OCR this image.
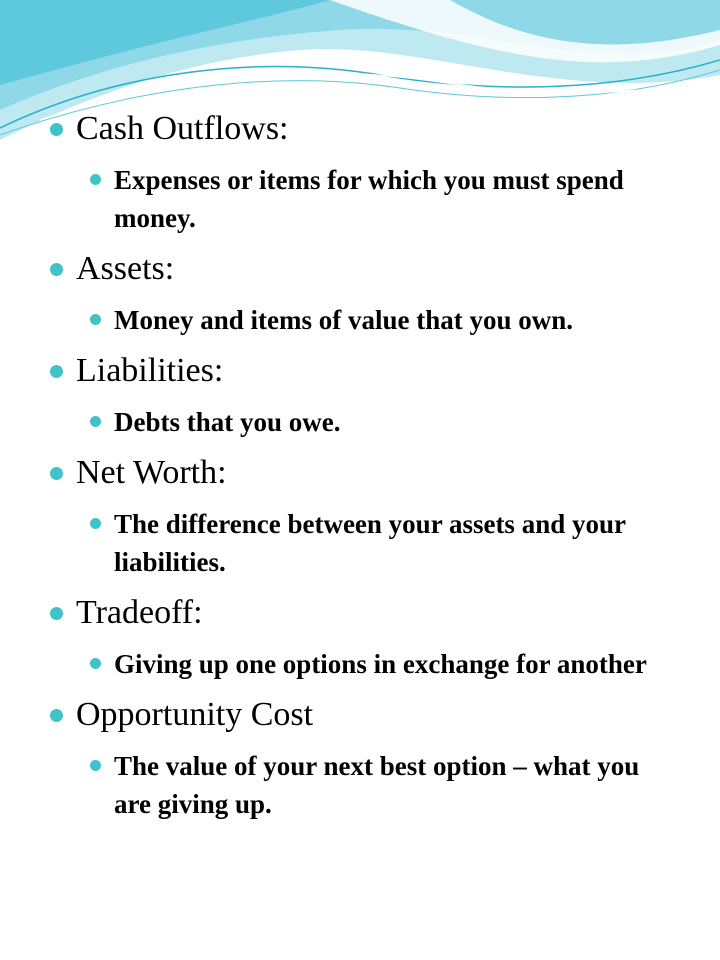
Cash Outflows:
Expenses or items for which you must spend money.
Assets:
Money and items of value that you own.
Liabilities:
Debts that you owe.
Net Worth:
The difference between your assets and your liabilities.
Tradeoff:
Giving up one options in exchange for another
Opportunity Cost
The value of your next best option – what you are giving up.
